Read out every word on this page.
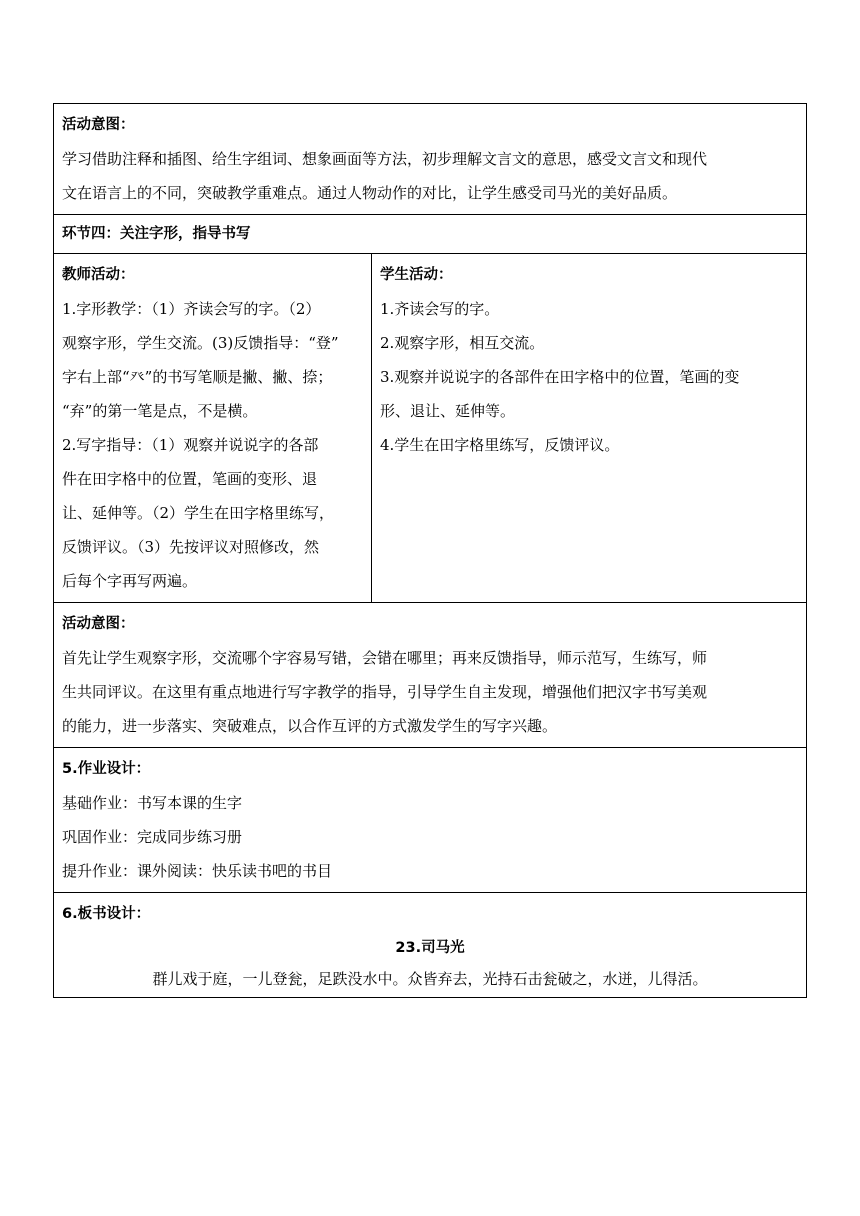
活动意图：
学习借助注释和插图、给生字组词、想象画面等方法，初步理解文言文的意思，感受文言文和现代
文在语言上的不同，突破教学重难点。通过人物动作的对比，让学生感受司马光的美好品质。

环节四：关注字形，指导书写

教师活动：
1.字形教学：（1）齐读会写的字。（2）
观察字形，学生交流。(3)反馈指导：“登”
字右上部“癶”的书写笔顺是撇、撇、捺；
“弃”的第一笔是点，不是横。
2.写字指导：（1）观察并说说字的各部
件在田字格中的位置，笔画的变形、退
让、延伸等。（2）学生在田字格里练写，
反馈评议。（3）先按评议对照修改，然
后每个字再写两遍。

学生活动：
1.齐读会写的字。
2.观察字形，相互交流。
3.观察并说说字的各部件在田字格中的位置，笔画的变
形、退让、延伸等。
4.学生在田字格里练写，反馈评议。

活动意图：
首先让学生观察字形，交流哪个字容易写错，会错在哪里；再来反馈指导，师示范写，生练写，师
生共同评议。在这里有重点地进行写字教学的指导，引导学生自主发现，增强他们把汉字书写美观
的能力，进一步落实、突破难点，以合作互评的方式激发学生的写字兴趣。

5.作业设计：
基础作业：书写本课的生字
巩固作业：完成同步练习册
提升作业：课外阅读：快乐读书吧的书目

6.板书设计：
23.司马光
群儿戏于庭，一儿登瓮，足跌没水中。众皆弃去，光持石击瓮破之，水迸，儿得活。
